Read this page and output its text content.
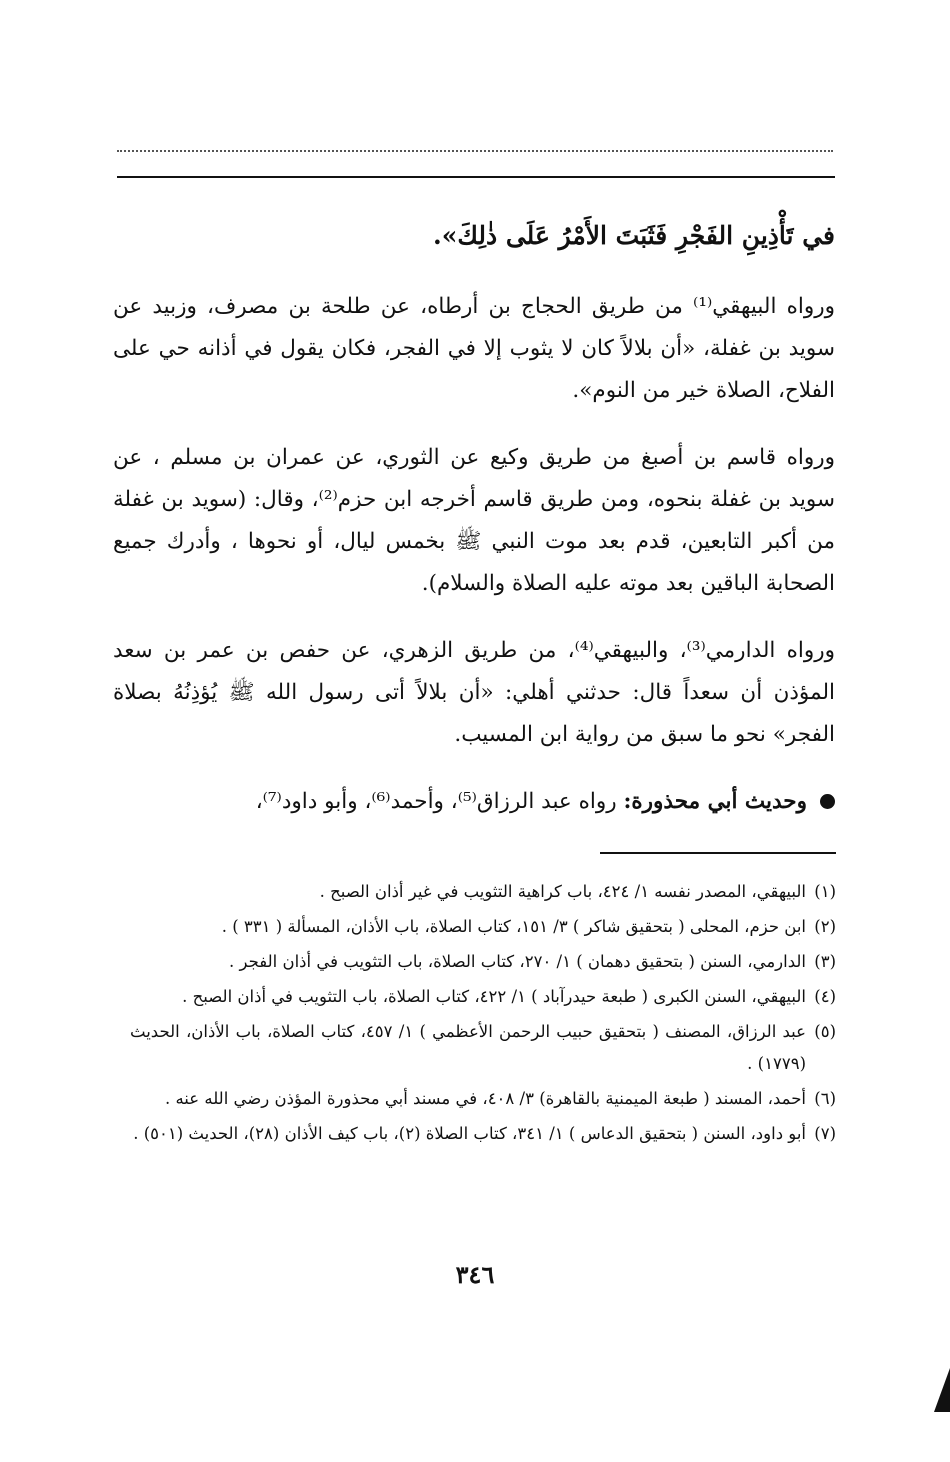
في تَأْذِينِ الفَجْرِ فَثَبَتَ الأَمْرُ عَلَى ذٰلِكَ».

ورواه البيهقي⁽¹⁾ من طريق الحجاج بن أرطاه، عن طلحة بن مصرف، وزبيد عن سويد بن غفلة، «أن بلالاً كان لا يثوب إلا في الفجر، فكان يقول في أذانه حي على الفلاح، الصلاة خير من النوم».

ورواه قاسم بن أصبغ من طريق وكيع عن الثوري، عن عمران بن مسلم ، عن سويد بن غفلة بنحوه، ومن طريق قاسم أخرجه ابن حزم⁽²⁾، وقال: (سويد بن غفلة من أكبر التابعين، قدم بعد موت النبي ﷺ بخمس ليال، أو نحوها ، وأدرك جميع الصحابة الباقين بعد موته عليه الصلاة والسلام).

ورواه الدارمي⁽³⁾، والبيهقي⁽⁴⁾، من طريق الزهري، عن حفص بن عمر بن سعد المؤذن أن سعداً قال: حدثني أهلي: «أن بلالاً أتى رسول الله ﷺ يُؤذِنُهُ بصلاة الفجر» نحو ما سبق من رواية ابن المسيب.

وحديث أبي محذورة: رواه عبد الرزاق⁽⁵⁾، وأحمد⁽⁶⁾، وأبو داود⁽⁷⁾،

(١)
البيهقي، المصدر نفسه ١/ ٤٢٤، باب كراهية التثويب في غير أذان الصبح .

(٢)
ابن حزم، المحلى ( بتحقيق شاكر ) ٣/ ١٥١، كتاب الصلاة، باب الأذان، المسألة ( ٣٣١ ) .

(٣)
الدارمي، السنن ( بتحقيق دهمان ) ١/ ٢٧٠، كتاب الصلاة، باب التثويب في أذان الفجر .

(٤)
البيهقي، السنن الكبرى ( طبعة حيدرآباد ) ١/ ٤٢٢، كتاب الصلاة، باب التثويب في أذان الصبح .

(٥)
عبد الرزاق، المصنف ( بتحقيق حبيب الرحمن الأعظمي ) ١/ ٤٥٧، كتاب الصلاة، باب الأذان، الحديث (١٧٧٩) .

(٦)
أحمد، المسند ( طبعة الميمنية بالقاهرة) ٣/ ٤٠٨، في مسند أبي محذورة المؤذن رضي الله عنه .

(٧)
أبو داود، السنن ( بتحقيق الدعاس ) ١/ ٣٤١، كتاب الصلاة (٢)، باب كيف الأذان (٢٨)، الحديث (٥٠١) .

٣٤٦
